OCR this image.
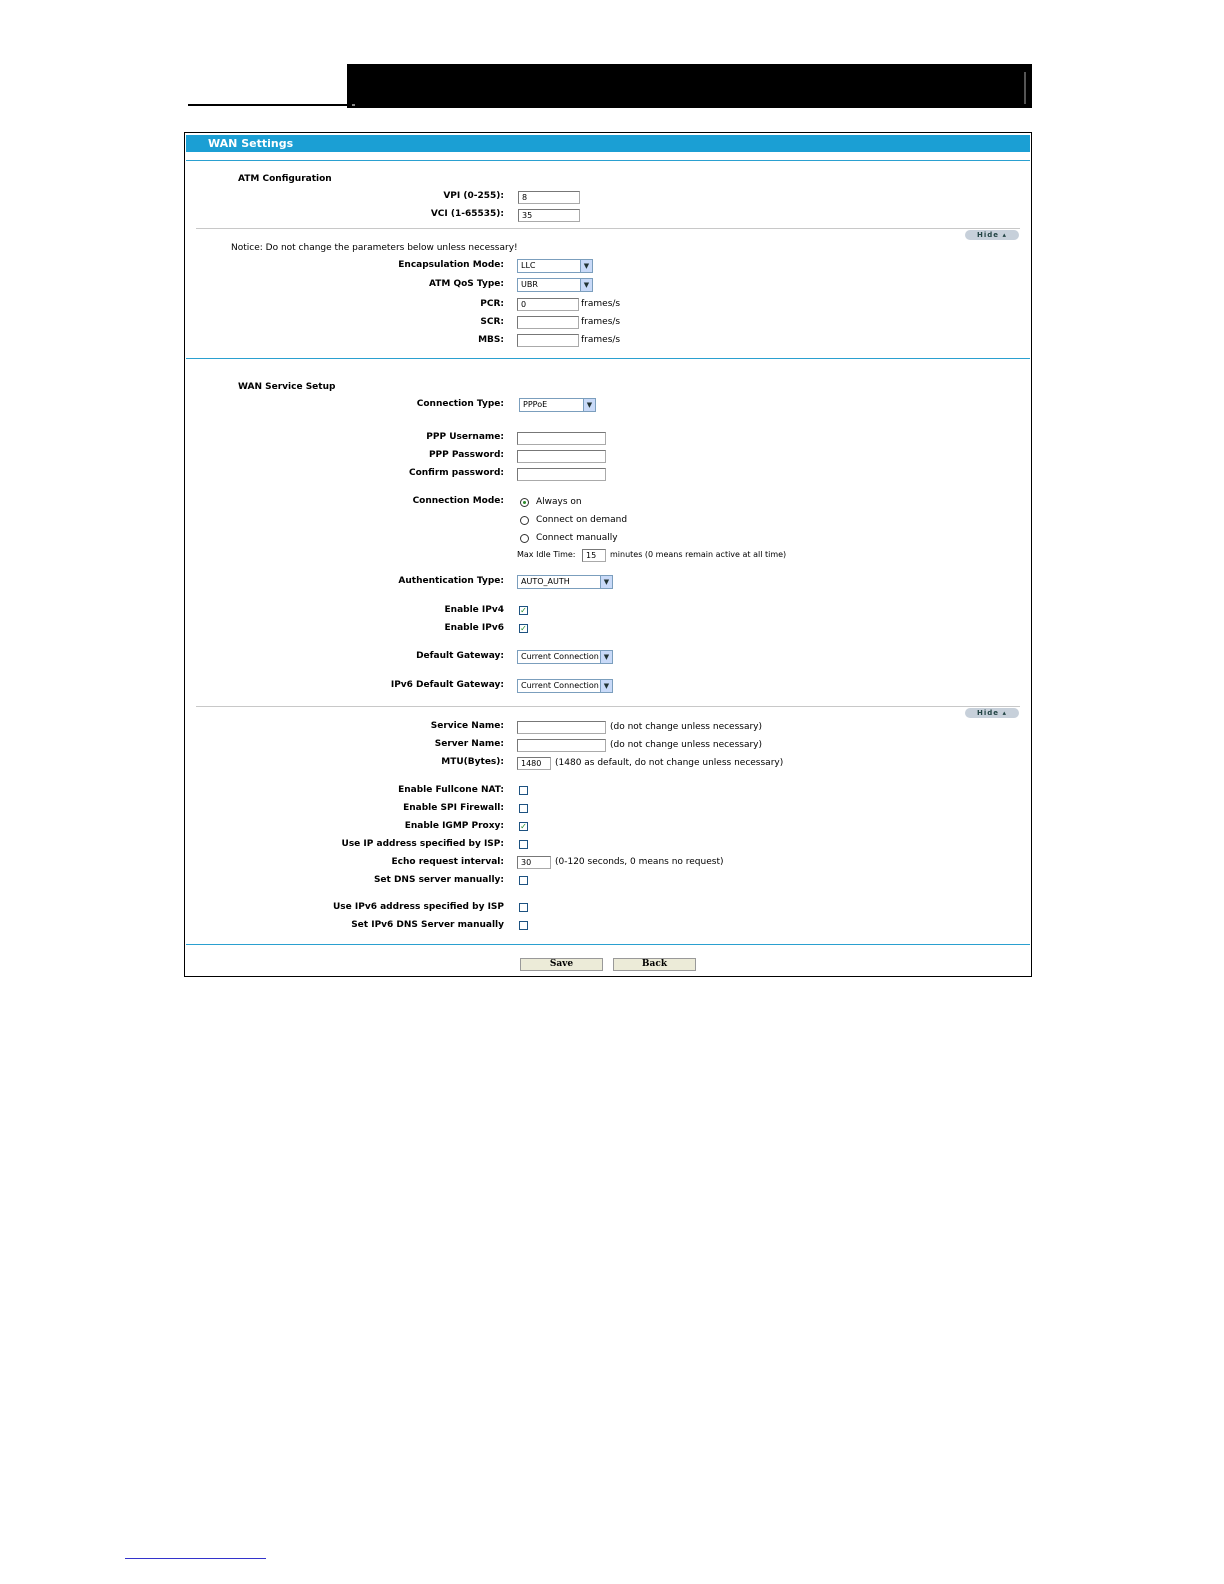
WAN Settings
ATM Configuration
VPI (0-255):	8
VCI (1-65535):	35
Hide ▴
Notice: Do not change the parameters below unless necessary!
Encapsulation Mode:	LLC	▼
ATM QoS Type:	UBR	▼
PCR:	0	frames/s
SCR:	frames/s
MBS:	frames/s
WAN Service Setup
Connection Type:	PPPoE	▼
PPP Username:
PPP Password:
Confirm password:
Connection Mode:	Always on
Connect on demand
Connect manually
Max Idle Time:	15	minutes (0 means remain active at all time)
Authentication Type:	AUTO_AUTH	▼
Enable IPv4 ✓
Enable IPv6 ✓
Default Gateway:	Current Connection ▼
IPv6 Default Gateway:	Current Connection ▼
Hide ▴
Service Name:	(do not change unless necessary)
Server Name:	(do not change unless necessary)
MTU(Bytes):	1480	(1480 as default, do not change unless necessary)
Enable Fullcone NAT:
Enable SPI Firewall:
Enable IGMP Proxy: ✓
Use IP address specified by ISP:
Echo request interval:	30	(0-120 seconds, 0 means no request)
Set DNS server manually:
Use IPv6 address specified by ISP
Set IPv6 DNS Server manually
Save	Back
